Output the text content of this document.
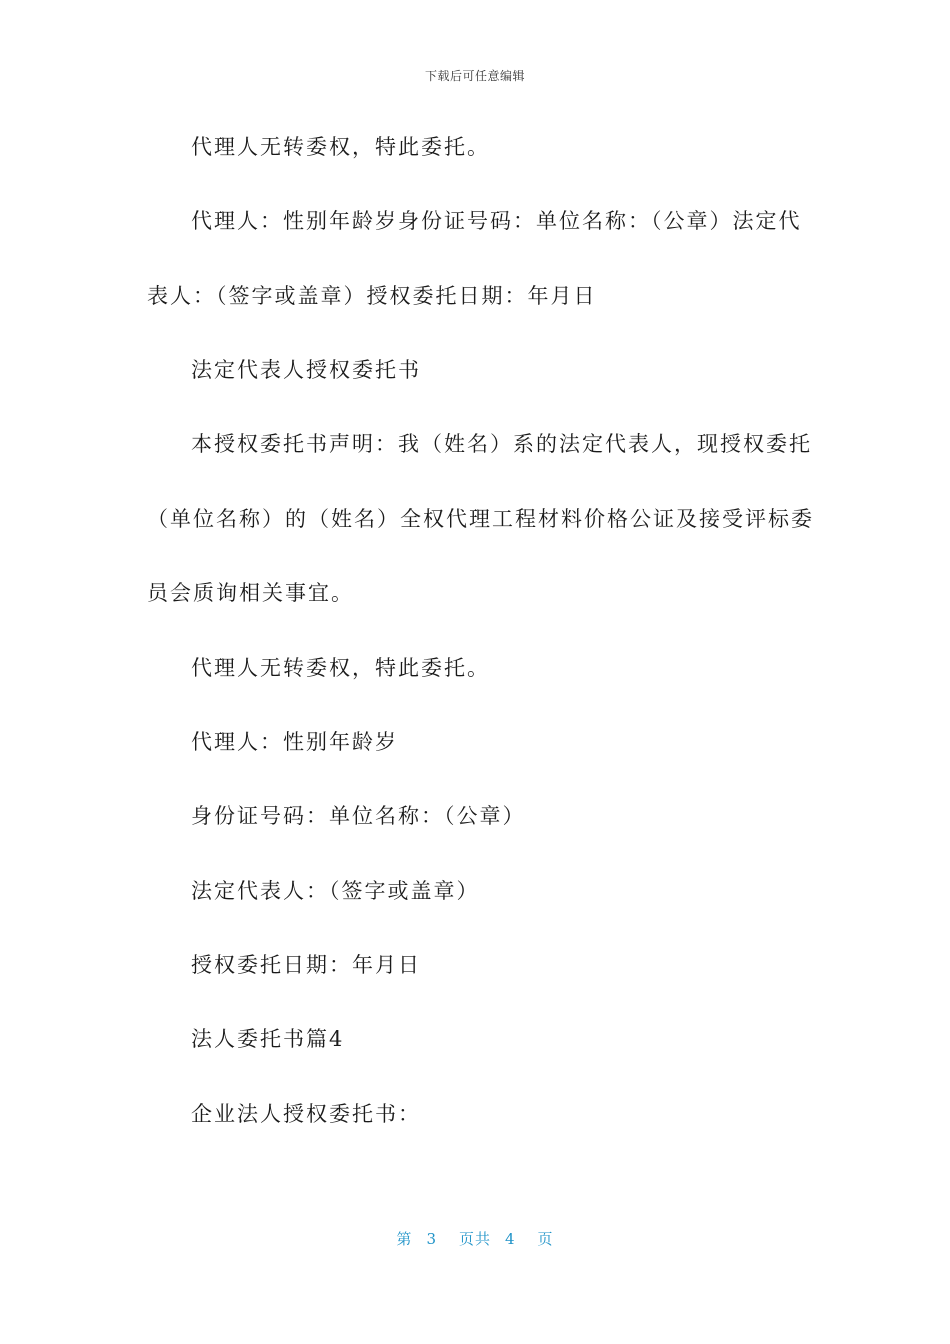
下载后可任意编辑
代理人无转委权，特此委托。
代理人：性别年龄岁身份证号码：单位名称：（公章）法定代
表人：（签字或盖章）授权委托日期：年月日
法定代表人授权委托书
本授权委托书声明：我（姓名）系的法定代表人，现授权委托
（单位名称）的（姓名）全权代理工程材料价格公证及接受评标委
员会质询相关事宜。
代理人无转委权，特此委托。
代理人：性别年龄岁
身份证号码：单位名称：（公章）
法定代表人：（签字或盖章）
授权委托日期：年月日
法人委托书篇4
企业法人授权委托书：
第 3 页共 4 页
